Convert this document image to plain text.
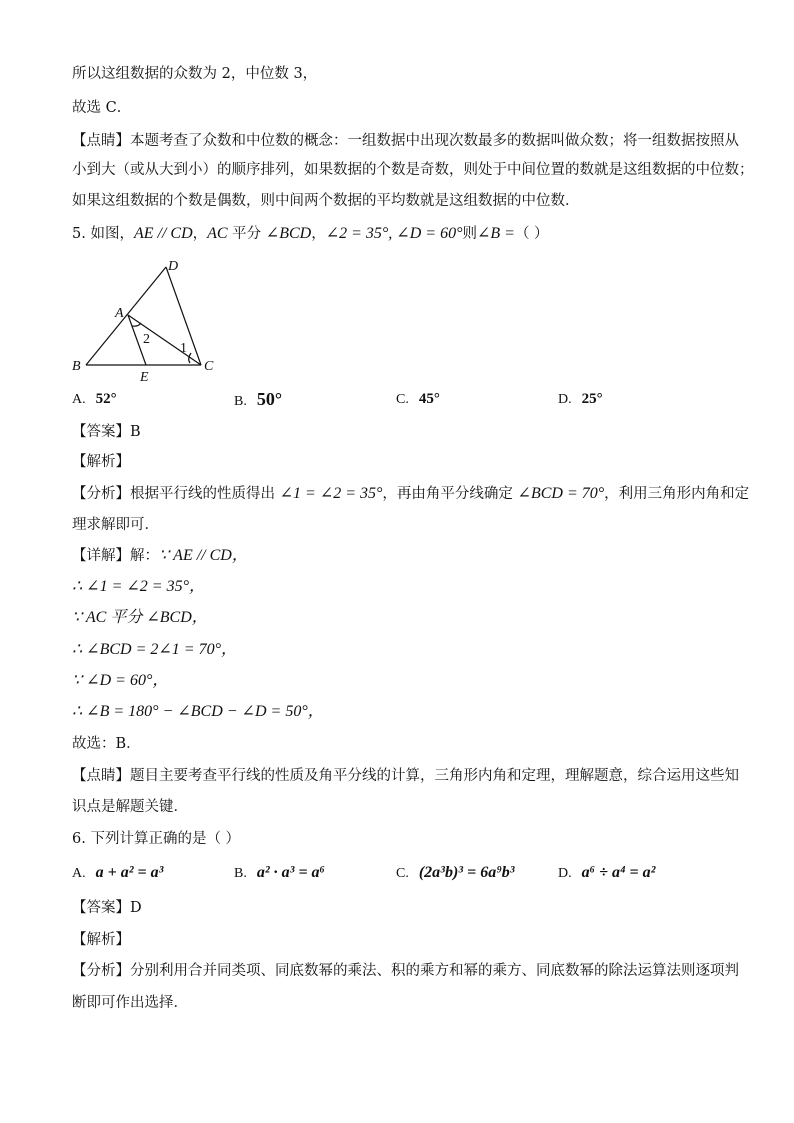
所以这组数据的众数为 2，中位数 3，
故选 C．
【点睛】本题考查了众数和中位数的概念：一组数据中出现次数最多的数据叫做众数；将一组数据按照从
小到大（或从大到小）的顺序排列，如果数据的个数是奇数，则处于中间位置的数就是这组数据的中位数；
如果这组数据的个数是偶数，则中间两个数据的平均数就是这组数据的中位数．
5. 如图，AE // CD，AC 平分 ∠BCD，∠2 = 35°, ∠D = 60°则∠B =（ ）
D
A
B
E
C
1
2
A. 52°	B. 50°	C. 45°	D. 25°
【答案】B
【解析】
【分析】根据平行线的性质得出 ∠1 = ∠2 = 35°，再由角平分线确定 ∠BCD = 70°，利用三角形内角和定
理求解即可．
【详解】解：∵ AE // CD，
∴ ∠1 = ∠2 = 35°，
∵ AC 平分 ∠BCD，
∴ ∠BCD = 2∠1 = 70°，
∵ ∠D = 60°，
∴ ∠B = 180° − ∠BCD − ∠D = 50°，
故选：B．
【点睛】题目主要考查平行线的性质及角平分线的计算，三角形内角和定理，理解题意，综合运用这些知
识点是解题关键．
6. 下列计算正确的是（ ）
A. a + a² = a³	B. a² · a³ = a⁶	C. (2a³b)³ = 6a⁹b³	D. a⁶ ÷ a⁴ = a²
【答案】D
【解析】
【分析】分别利用合并同类项、同底数幂的乘法、积的乘方和幂的乘方、同底数幂的除法运算法则逐项判
断即可作出选择．
